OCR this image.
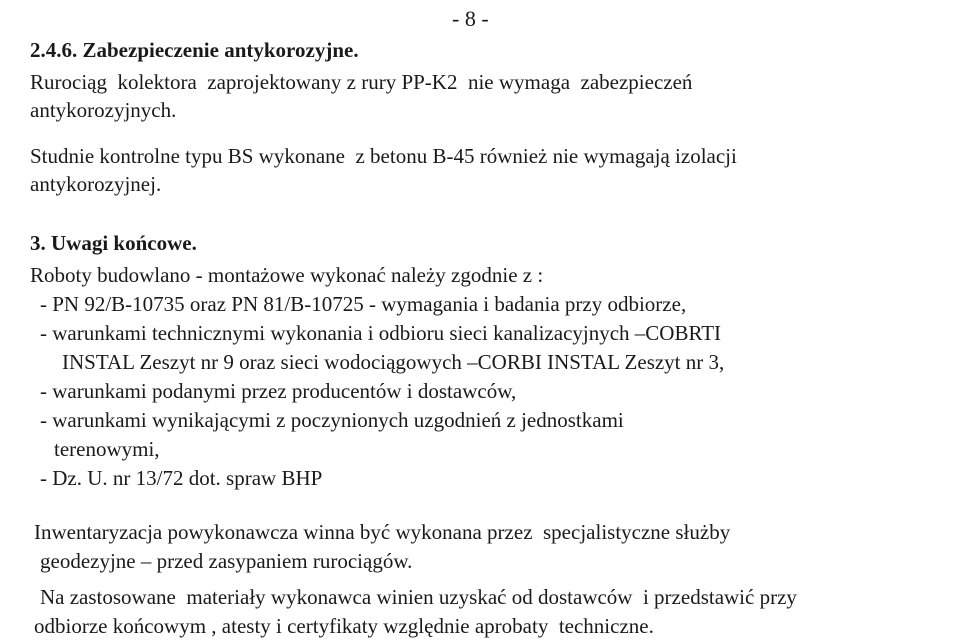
- 8 -
2.4.6. Zabezpieczenie antykorozyjne.
Rurociąg  kolektora  zaprojektowany z rury PP-K2  nie wymaga  zabezpieczeń
antykorozyjnych.
Studnie kontrolne typu BS wykonane  z betonu B-45 również nie wymagają izolacji
antykorozyjnej.
3. Uwagi końcowe.
Roboty budowlano - montażowe wykonać należy zgodnie z :
- PN 92/B-10735 oraz PN 81/B-10725 - wymagania i badania przy odbiorze,
- warunkami technicznymi wykonania i odbioru sieci kanalizacyjnych –COBRTI
INSTAL Zeszyt nr 9 oraz sieci wodociągowych –CORBI INSTAL Zeszyt nr 3,
- warunkami podanymi przez producentów i dostawców,
- warunkami wynikającymi z poczynionych uzgodnień z jednostkami
terenowymi,
- Dz. U. nr 13/72 dot. spraw BHP
Inwentaryzacja powykonawcza winna być wykonana przez  specjalistyczne służby
geodezyjne – przed zasypaniem rurociągów.
Na zastosowane  materiały wykonawca winien uzyskać od dostawców  i przedstawić przy
odbiorze końcowym , atesty i certyfikaty względnie aprobaty  techniczne.
